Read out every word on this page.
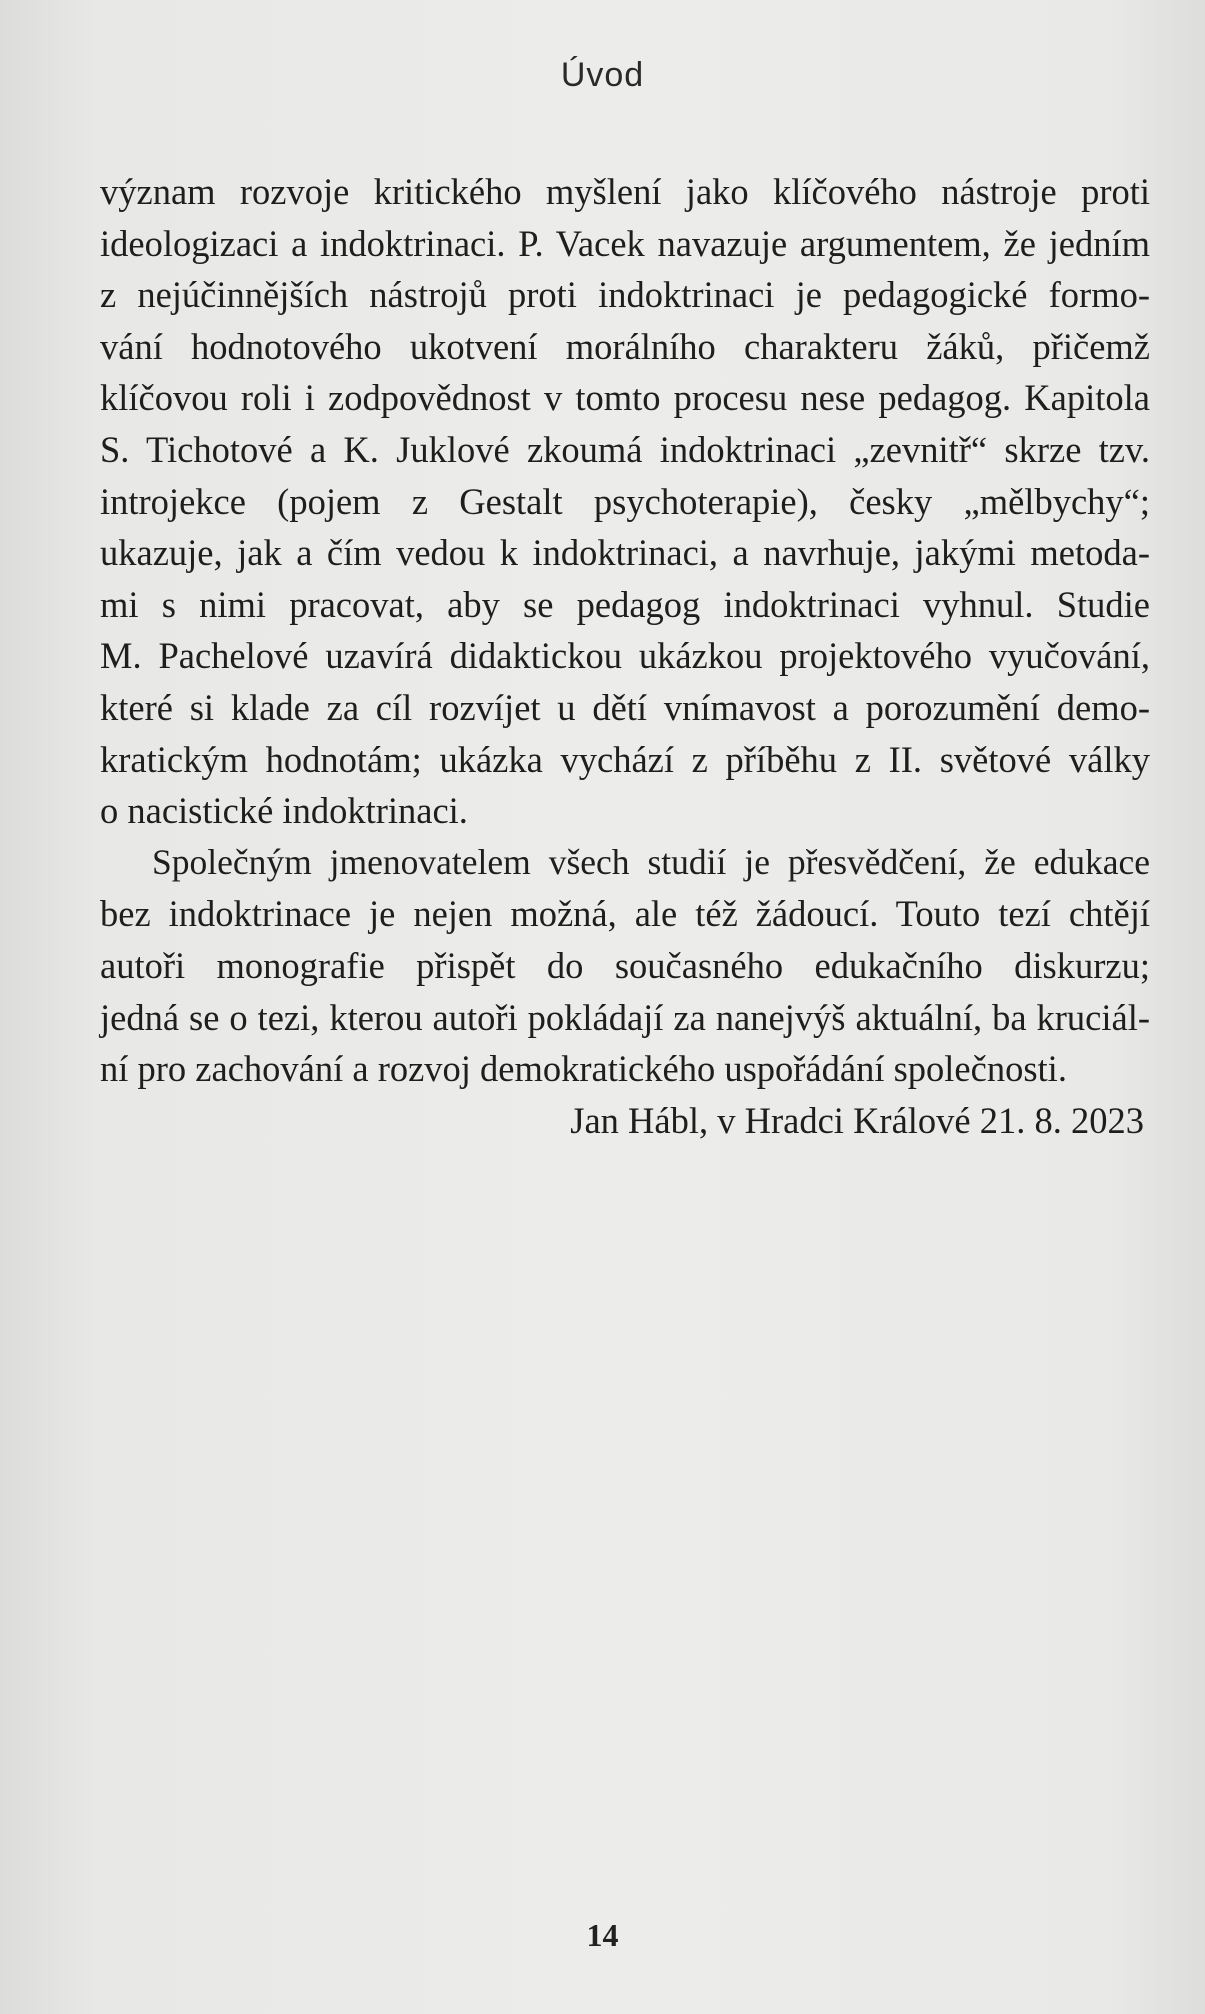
Úvod
význam rozvoje kritického myšlení jako klíčového nástroje proti
ideologizaci a indoktrinaci. P. Vacek navazuje argumentem, že jedním
z nejúčinnějších nástrojů proti indoktrinaci je pedagogické formo-
vání hodnotového ukotvení morálního charakteru žáků, přičemž
klíčovou roli i zodpovědnost v tomto procesu nese pedagog. Kapitola
S. Tichotové a K. Juklové zkoumá indoktrinaci „zevnitř“ skrze tzv.
introjekce (pojem z Gestalt psychoterapie), česky „mělbychy“;
ukazuje, jak a čím vedou k indoktrinaci, a navrhuje, jakými metoda-
mi s nimi pracovat, aby se pedagog indoktrinaci vyhnul. Studie
M. Pachelové uzavírá didaktickou ukázkou projektového vyučování,
které si klade za cíl rozvíjet u dětí vnímavost a porozumění demo-
kratickým hodnotám; ukázka vychází z příběhu z II. světové války
o nacistické indoktrinaci.
Společným jmenovatelem všech studií je přesvědčení, že edukace
bez indoktrinace je nejen možná, ale též žádoucí. Touto tezí chtějí
autoři monografie přispět do současného edukačního diskurzu;
jedná se o tezi, kterou autoři pokládají za nanejvýš aktuální, ba kruciál-
ní pro zachování a rozvoj demokratického uspořádání společnosti.
Jan Hábl, v Hradci Králové 21. 8. 2023
14
